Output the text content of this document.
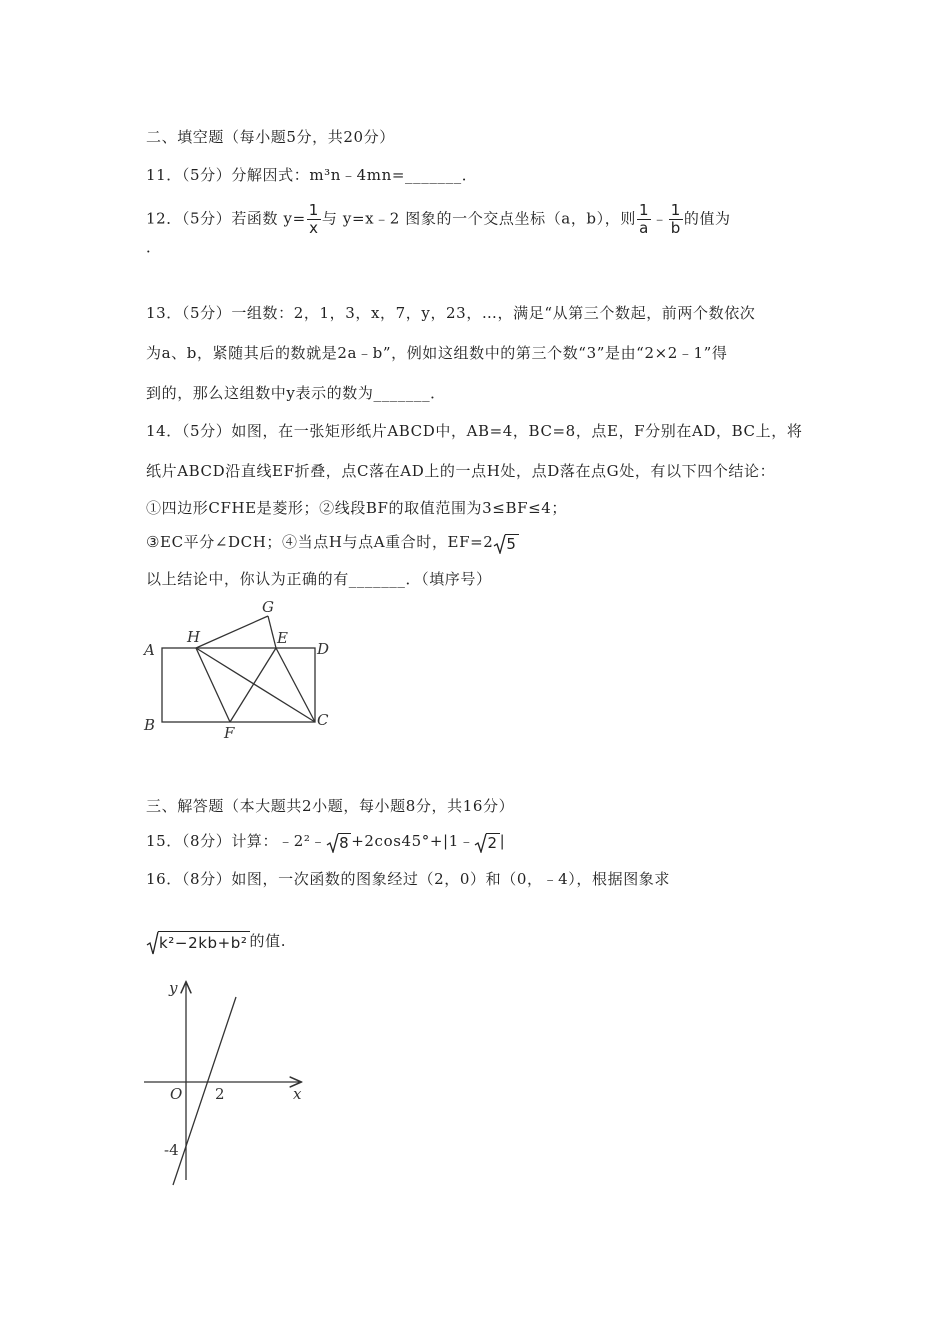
二、填空题（每小题5分，共20分）
11．（5分）分解因式：m³n﹣4mn=_______．
12．（5分）若函数 $y= \frac{1}{x}$ 与 y=x﹣2 图象的一个交点坐标（a，b），则 $\frac{1}{a}$ ﹣ $\frac{1}{b}$ 的值为
．
13．（5分）一组数：2，1，3，x，7，y，23，…，满足“从第三个数起，前两个数依次
为a、b，紧随其后的数就是2a﹣b”，例如这组数中的第三个数“3”是由“2×2﹣1”得
到的，那么这组数中y表示的数为_______．
14．（5分）如图，在一张矩形纸片ABCD中，AB=4，BC=8，点E，F分别在AD，BC上，将
纸片ABCD沿直线EF折叠，点C落在AD上的一点H处，点D落在点G处，有以下四个结论：
①四边形CFHE是菱形；②线段BF的取值范围为3≤BF≤4；
③EC平分∠DCH；④当点H与点A重合时，EF=2 5
以上结论中，你认为正确的有_______．（填序号）
G
H	E
A	D
B	F
C
三、解答题（本大题共2小题，每小题8分，共16分）
15．（8分）计算：﹣2²﹣ 8 +2cos45°+|1﹣ 2 |
16．（8分）如图，一次函数的图象经过（2，0）和（0，﹣4），根据图象求
k²−2kb+b² 的值.
y
x
O 2
-4
